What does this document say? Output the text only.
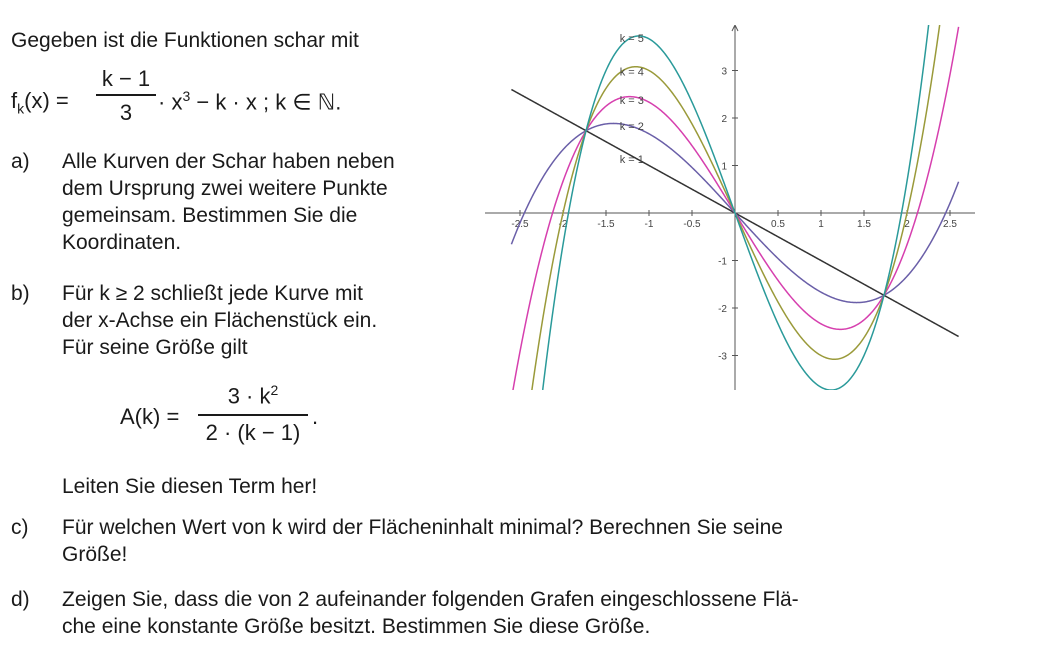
Gegeben ist die Funktionen schar mit
$f_k(x)$ =
k − 1
3	· $x^3 - k \cdot x$ ; k ∈ ℕ.
a) Alle Kurven der Schar haben neben
dem Ursprung zwei weitere Punkte
gemeinsam. Bestimmen Sie die
Koordinaten.
b) Für k ≥ 2 schließt jede Kurve mit
der x-Achse ein Flächenstück ein.
Für seine Größe gilt
A(k) =
$3 \cdot k^2$
2 · (k − 1)
.
Leiten Sie diesen Term her!
c) Für welchen Wert von k wird der Flächeninhalt minimal? Berechnen Sie seine
Größe!
d) Zeigen Sie, dass die von 2 aufeinander folgenden Grafen eingeschlossene Flä-
che eine konstante Größe besitzt. Bestimmen Sie diese Größe.
-2.5	-2	-1.5	-1	-0.5	0.5	1	1.5	2	2.5
3
2
1
-1
-2
-3
k = 5
k = 4
k = 3
k = 2
k = 1
